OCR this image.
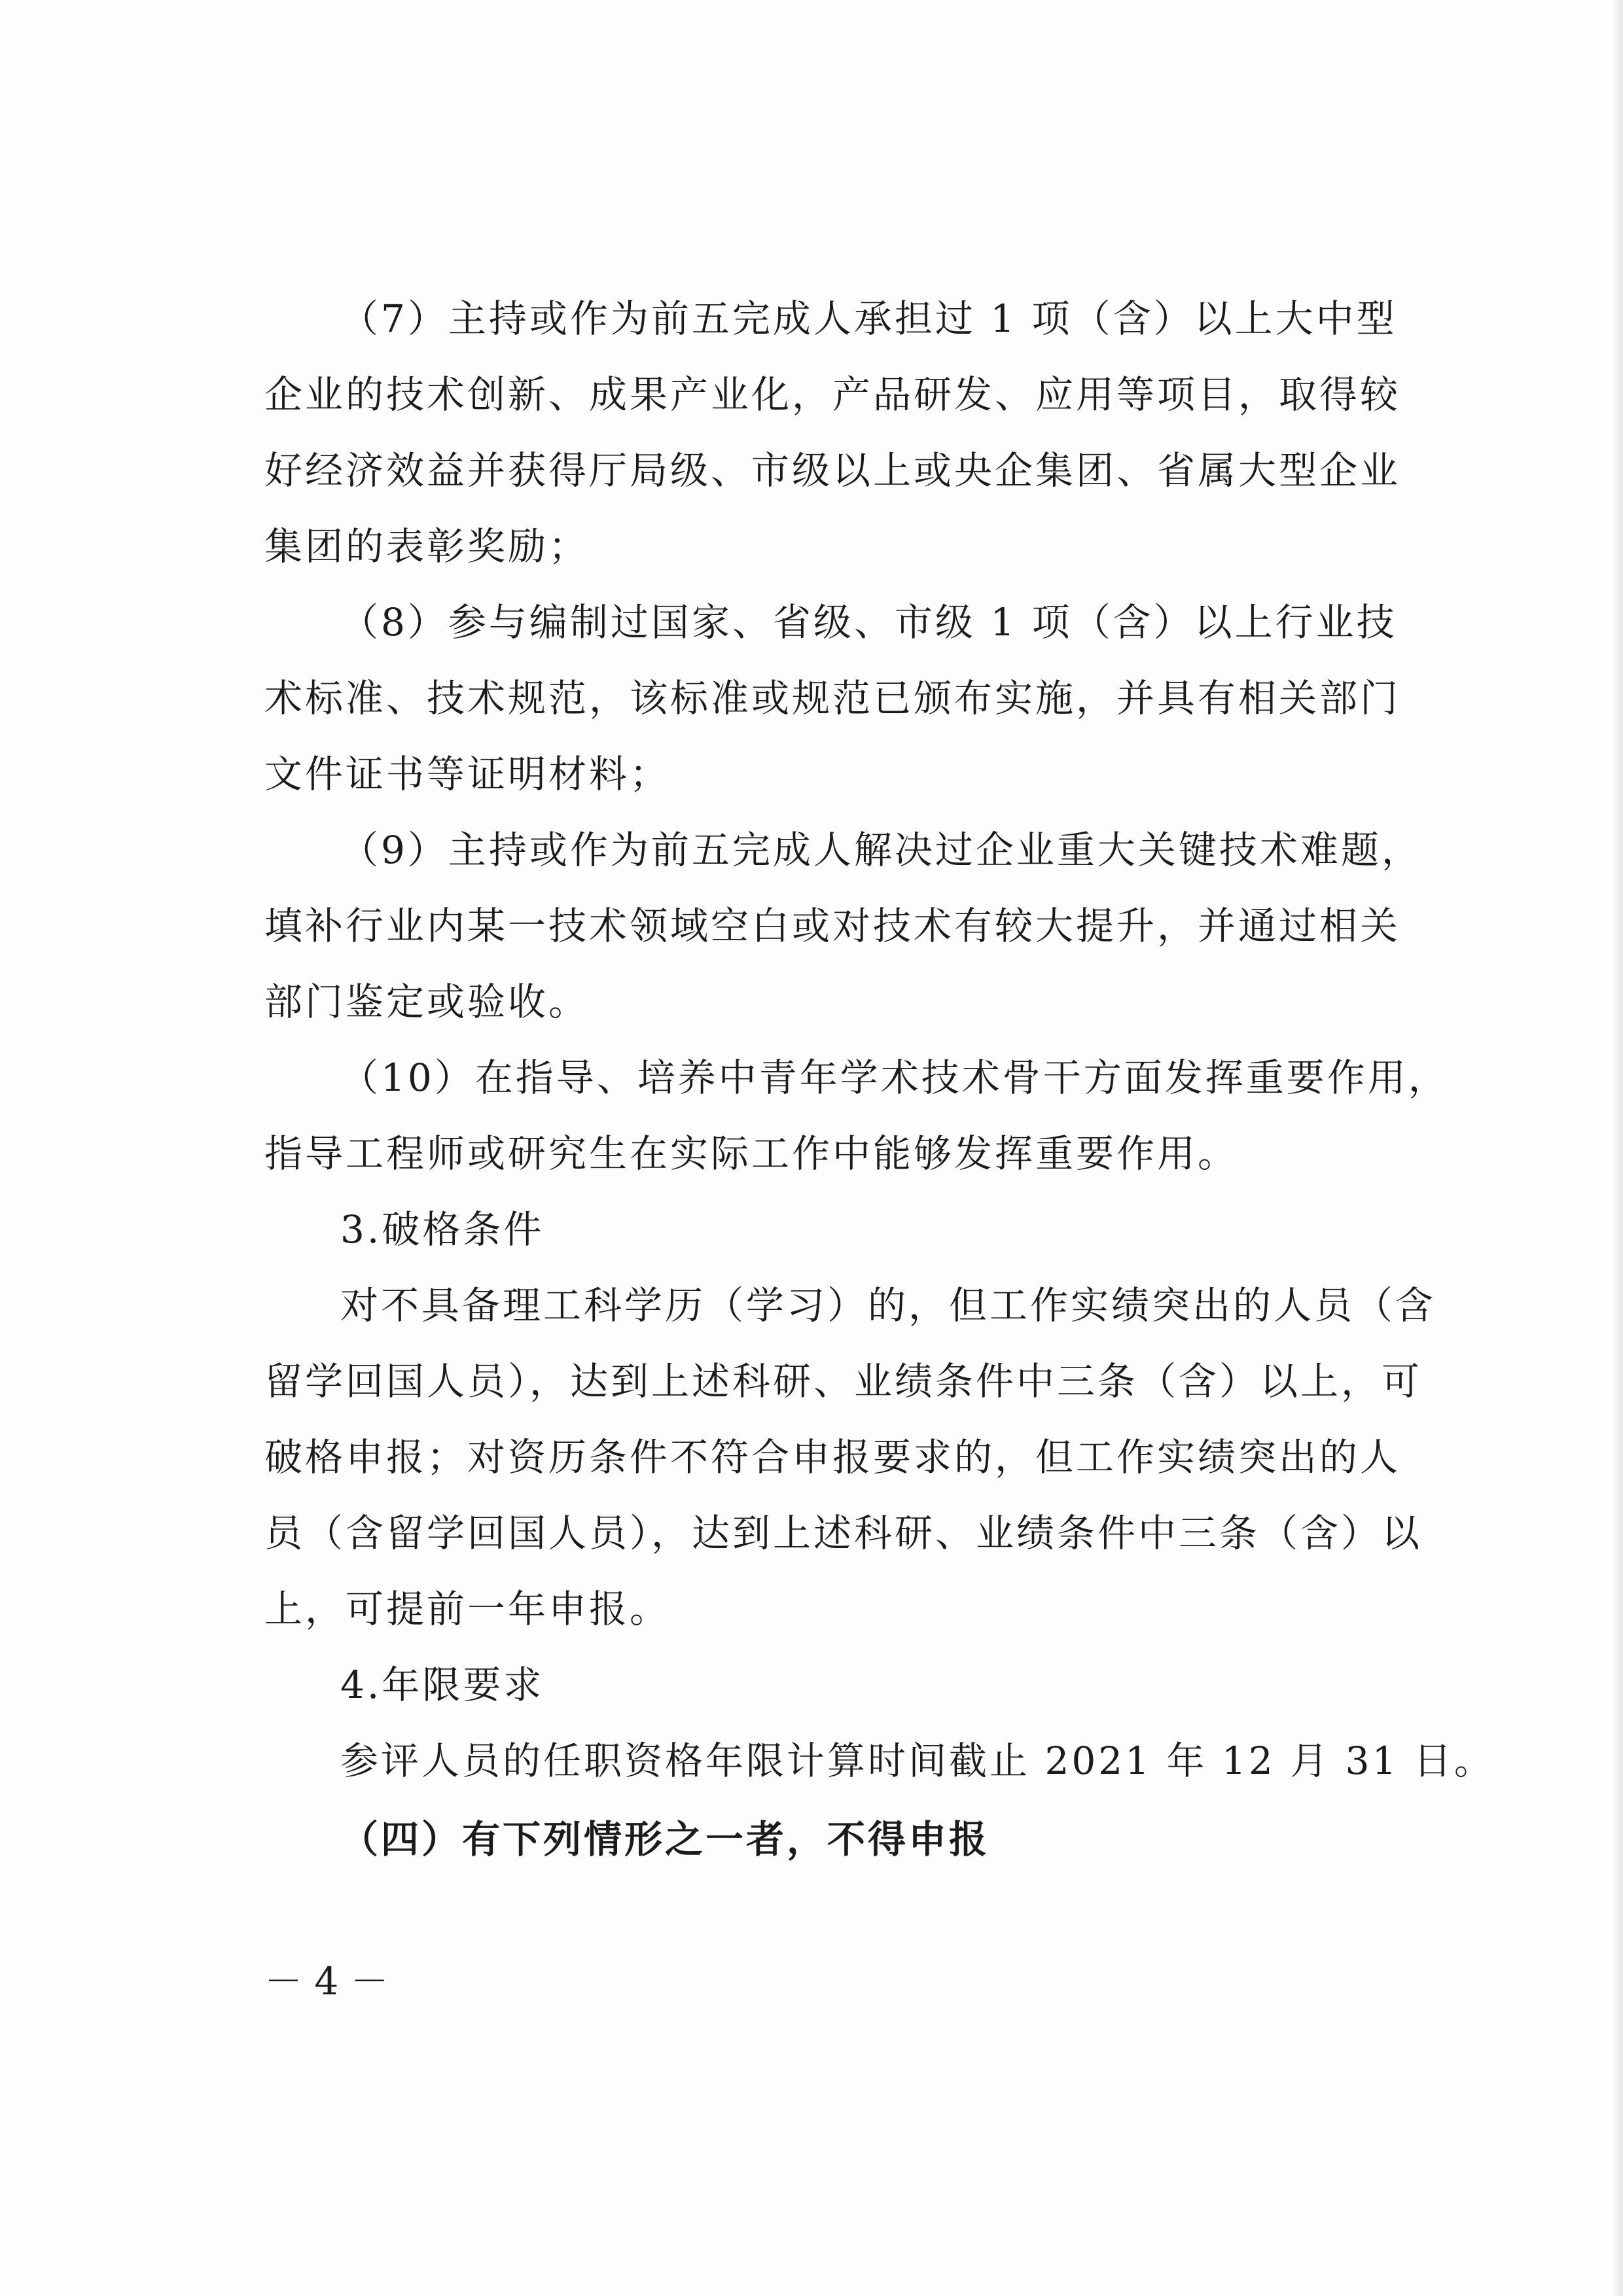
（7）主持或作为前五完成人承担过 1 项（含）以上大中型
企业的技术创新、成果产业化，产品研发、应用等项目，取得较
好经济效益并获得厅局级、市级以上或央企集团、省属大型企业
集团的表彰奖励；
（8）参与编制过国家、省级、市级 1 项（含）以上行业技
术标准、技术规范，该标准或规范已颁布实施，并具有相关部门
文件证书等证明材料；
（9）主持或作为前五完成人解决过企业重大关键技术难题，
填补行业内某一技术领域空白或对技术有较大提升，并通过相关
部门鉴定或验收。
（10）在指导、培养中青年学术技术骨干方面发挥重要作用，
指导工程师或研究生在实际工作中能够发挥重要作用。
3.破格条件
对不具备理工科学历（学习）的，但工作实绩突出的人员（含
留学回国人员），达到上述科研、业绩条件中三条（含）以上，可
破格申报；对资历条件不符合申报要求的，但工作实绩突出的人
员（含留学回国人员），达到上述科研、业绩条件中三条（含）以
上，可提前一年申报。
4.年限要求
参评人员的任职资格年限计算时间截止 2021 年 12 月 31 日。
（四）有下列情形之一者，不得申报
－ 4 －
